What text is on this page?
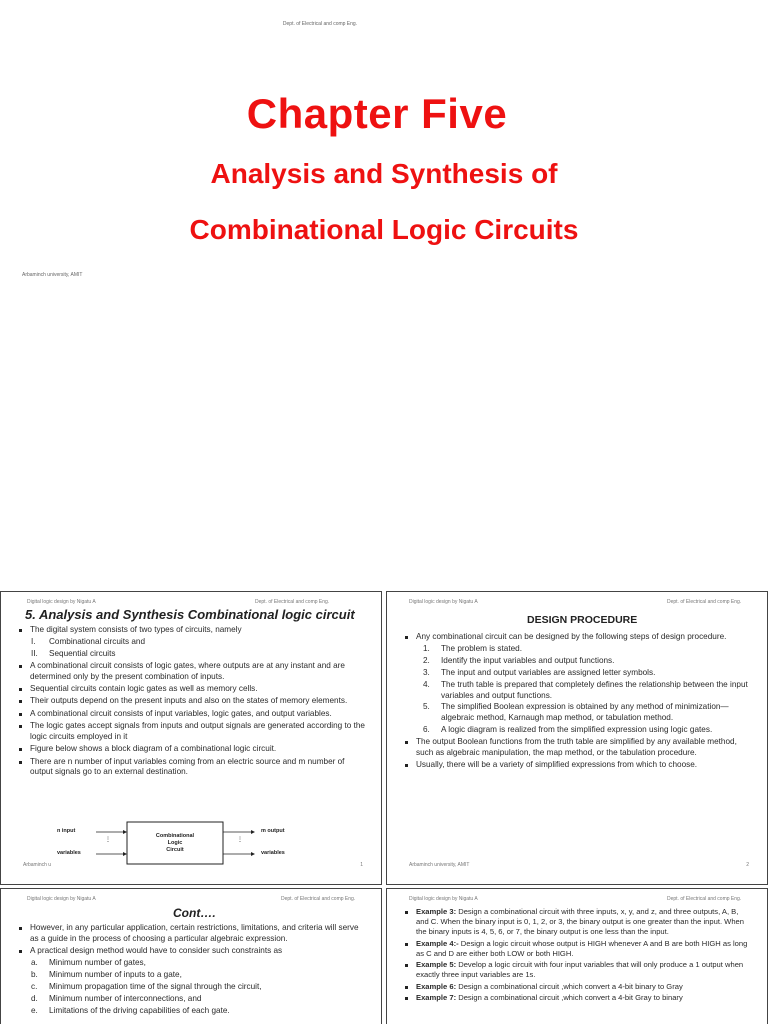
Dept. of Electrical and comp Eng.
Chapter Five
Analysis and Synthesis of
Combinational Logic Circuits
Arbaminch university, AMIT
Digital logic design by Nigatu A	Dept. of Electrical and comp Eng.
5. Analysis and Synthesis Combinational logic circuit
The digital system consists of two types of circuits, namely
I. Combinational circuits and
II. Sequential circuits
A combinational circuit consists of logic gates, where outputs are at any instant and are determined only by the present combination of inputs.
Sequential circuits contain logic gates as well as memory cells.
Their outputs depend on the present inputs and also on the states of memory elements.
A combinational circuit consists of input variables, logic gates, and output variables.
The logic gates accept signals from inputs and output signals are generated according to the logic circuits employed in it
Figure below shows a block diagram of a combinational logic circuit.
There are n number of input variables coming from an electric source and m number of output signals go to an external destination.
n input
variables
⋮
Combinational
Logic
Circuit
⋮
m output
variables
Arbaminch u	1
Digital logic design by Nigatu A	Dept. of Electrical and comp Eng.
DESIGN PROCEDURE
Any combinational circuit can be designed by the following steps of design procedure.
1. The problem is stated.
2. Identify the input variables and output functions.
3. The input and output variables are assigned letter symbols.
4. The truth table is prepared that completely defines the relationship between the input variables and output functions.
5. The simplified Boolean expression is obtained by any method of minimization—algebraic method, Karnaugh map method, or tabulation method.
6. A logic diagram is realized from the simplified expression using logic gates.
The output Boolean functions from the truth table are simplified by any available method, such as algebraic manipulation, the map method, or the tabulation procedure.
Usually, there will be a variety of simplified expressions from which to choose.
Arbaminch university, AMIT	2
Digital logic design by Nigatu A	Dept. of Electrical and comp Eng.
Cont….
However, in any particular application, certain restrictions, limitations, and criteria will serve as a guide in the process of choosing a particular algebraic expression.
A practical design method would have to consider such constraints as
a. Minimum number of gates,
b. Minimum number of inputs to a gate,
c. Minimum propagation time of the signal through the circuit,
d. Minimum number of interconnections, and
e. Limitations of the driving capabilities of each gate.
Digital logic design by Nigatu A	Dept. of Electrical and comp Eng.
Example 3: Design a combinational circuit with three inputs, x, y, and z, and three outputs, A, B, and C. When the binary input is 0, 1, 2, or 3, the binary output is one greater than the input. When the binary inputs is 4, 5, 6, or 7, the binary output is one less than the input.
Example 4:- Design a logic circuit whose output is HIGH whenever A and B are both HIGH as long as C and D are either both LOW or both HIGH.
Example 5: Develop a logic circuit with four input variables that will only produce a 1 output when exactly three input variables are 1s.
Example 6: Design a combinational circuit ,which convert a 4-bit binary to Gray
Example 7: Design a combinational circuit ,which convert a 4-bit Gray to binary
